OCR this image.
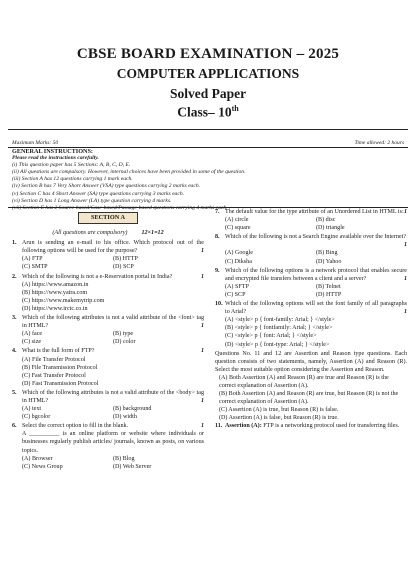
CBSE BOARD EXAMINATION – 2025
COMPUTER APPLICATIONS
Solved Paper
Class– 10th
Maximum Marks: 50	Time allowed: 2 hours
GENERAL INSTRUCTIONS:
Please read the instructions carefully.
(i) This question paper has 5 Sections: A, B, C, D, E.
(ii) All questions are compulsory. However, internal choices have been provided in some of the question.
(iii) Section A has 12 questions carrying 1 mark each.
(iv) Section B has 7 Very Short Answer (VSA) type questions carrying 2 marks each.
(v) Section C has 4 Short Answer (SA) type questions carrying 3 marks each.
(vi) Section D has 1 Long Answer (LA) type question carrying 4 marks.
(vii) Section E has 2 Source-based/Case-based/Passage-based questions carrying 4 marks each.
SECTION A
(All questions are compulsory) 12×1=12
1. Arun is sending an e-mail to his office. Which protocol out of the following options will be used for the purpose?	1
(A) FTP	(B) HTTP
(C) SMTP	(D) SCP
2. Which of the following is not a e-Reservation portal in India?	1
(A) https://www.amazon.in
(B) https://www.yatra.com
(C) https://www.makemytrip.com
(D) https://www.irctc.co.in
3. Which of the following attributes is not a valid attribute of the <font> tag in HTML?	1
(A) face	(B) type
(C) size	(D) color
4. What is the full form of FTP?	1
(A) File Transfer Protocol
(B) File Transmission Protocol
(C) Fast Transfer Protocol
(D) Fast Transmission Protocol
5. Which of the following attributes is not a valid attribute of the <body> tag in HTML?	1
(A) text	(B) background
(C) bgcolor	(D) width
6. Select the correct option to fill in the blank.	1
A __________ is an online platform or website where individuals or businesses regularly publish articles/ journals, known as posts, on various topics.
(A) Browser	(B) Blog
(C) News Group	(D) Web Server
7. The default value for the type attribute of an Unordered List in HTML is: 1
(A) circle	(B) disc
(C) square	(D) triangle
8. Which of the following is not a Search Engine available over the Internet?
1
(A) Google	(B) Bing
(C) Diksha	(D) Yahoo
9. Which of the following options is a network protocol that enables secure and encrypted file transfers between a client and a server?	1
(A) SFTP	(B) Telnet
(C) SCP	(D) HTTP
10. Which of the following options will set the font family of all paragraphs to Arial?	1
(A) <style> p { font-family: Arial; } </style>
(B) <style> p { fontfamily: Arial; } </style>
(C) <style> p { font: Arial; } </style>
(D) <style> p { font-type: Arial; } </style>
Questions No. 11 and 12 are Assertion and Reason type questions. Each question consists of two statements, namely, Assertion (A) and Reason (R). Select the most suitable option considering the Assertion and Reason.
(A) Both Assertion (A) and Reason (R) are true and Reason (R) is the correct explanation of Assertion (A).
(B) Both Assertion (A) and Reason (R) are true, but Reason (R) is not the correct explanation of Assertion (A).
(C) Assertion (A) is true, but Reason (R) is false.
(D) Assertion (A) is false, but Reason (R) is true.
11. Assertion (A): FTP is a networking protocol used for transferring files.
